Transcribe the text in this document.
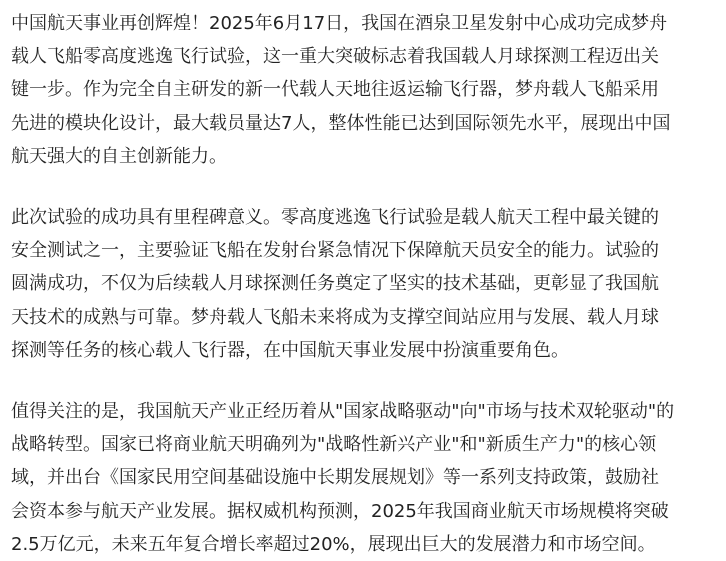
中国航天事业再创辉煌！2025年6月17日，我国在酒泉卫星发射中心成功完成梦舟
载人飞船零高度逃逸飞行试验，这一重大突破标志着我国载人月球探测工程迈出关
键一步。作为完全自主研发的新一代载人天地往返运输飞行器，梦舟载人飞船采用
先进的模块化设计，最大载员量达7人，整体性能已达到国际领先水平，展现出中国
航天强大的自主创新能力。

此次试验的成功具有里程碑意义。零高度逃逸飞行试验是载人航天工程中最关键的
安全测试之一，主要验证飞船在发射台紧急情况下保障航天员安全的能力。试验的
圆满成功，不仅为后续载人月球探测任务奠定了坚实的技术基础，更彰显了我国航
天技术的成熟与可靠。梦舟载人飞船未来将成为支撑空间站应用与发展、载人月球
探测等任务的核心载人飞行器，在中国航天事业发展中扮演重要角色。

值得关注的是，我国航天产业正经历着从"国家战略驱动"向"市场与技术双轮驱动"的
战略转型。国家已将商业航天明确列为"战略性新兴产业"和"新质生产力"的核心领
域，并出台《国家民用空间基础设施中长期发展规划》等一系列支持政策，鼓励社
会资本参与航天产业发展。据权威机构预测，2025年我国商业航天市场规模将突破
2.5万亿元，未来五年复合增长率超过20%，展现出巨大的发展潜力和市场空间。
